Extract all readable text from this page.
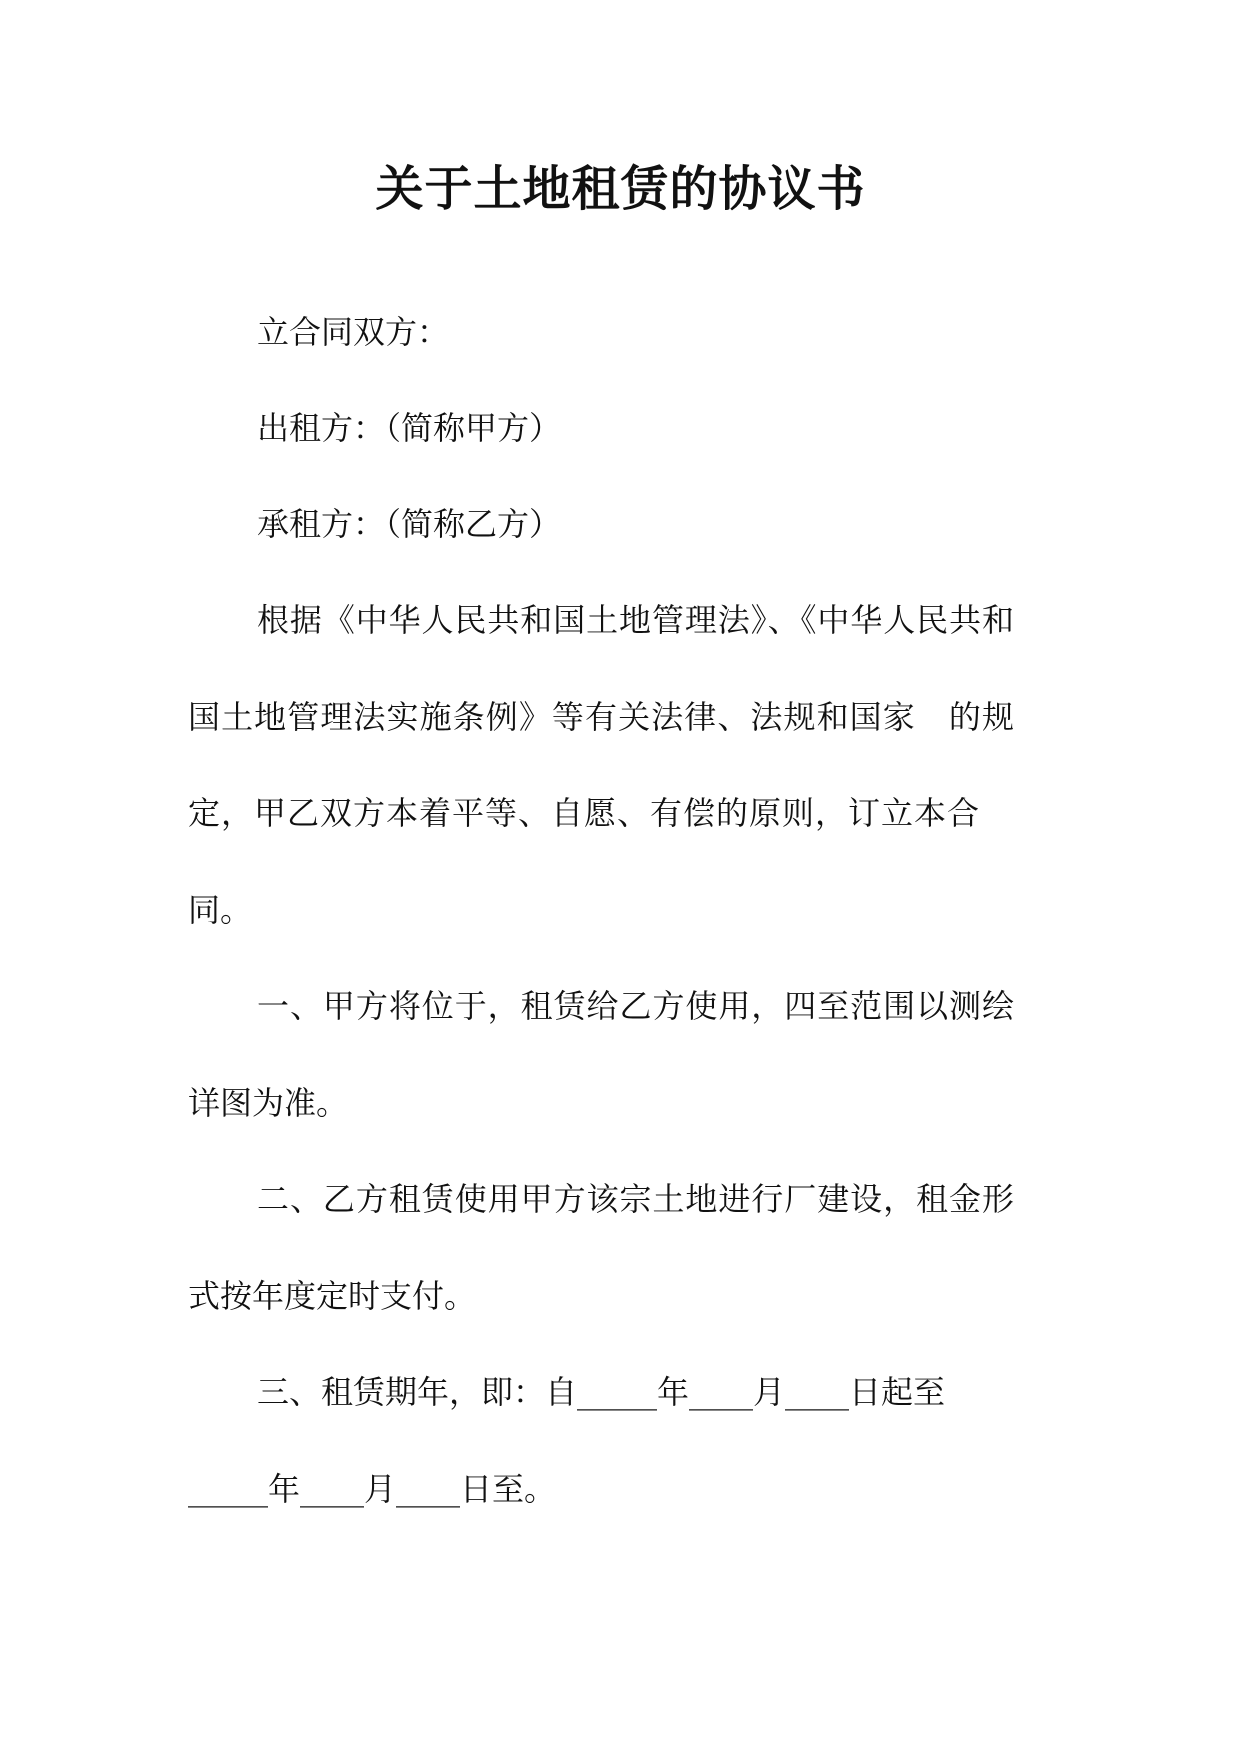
关于土地租赁的协议书

立合同双方：

出租方：（简称甲方）

承租方：（简称乙方）

根据《中华人民共和国土地管理法》、《中华人民共和

国土地管理法实施条例》等有关法律、法规和国家　的规

定，甲乙双方本着平等、自愿、有偿的原则，订立本合

同。

一、甲方将位于，租赁给乙方使用，四至范围以测绘

详图为准。

二、乙方租赁使用甲方该宗土地进行厂建设，租金形

式按年度定时支付。

三、租赁期年，即：自_____年____月____日起至

_____年____月____日至。
